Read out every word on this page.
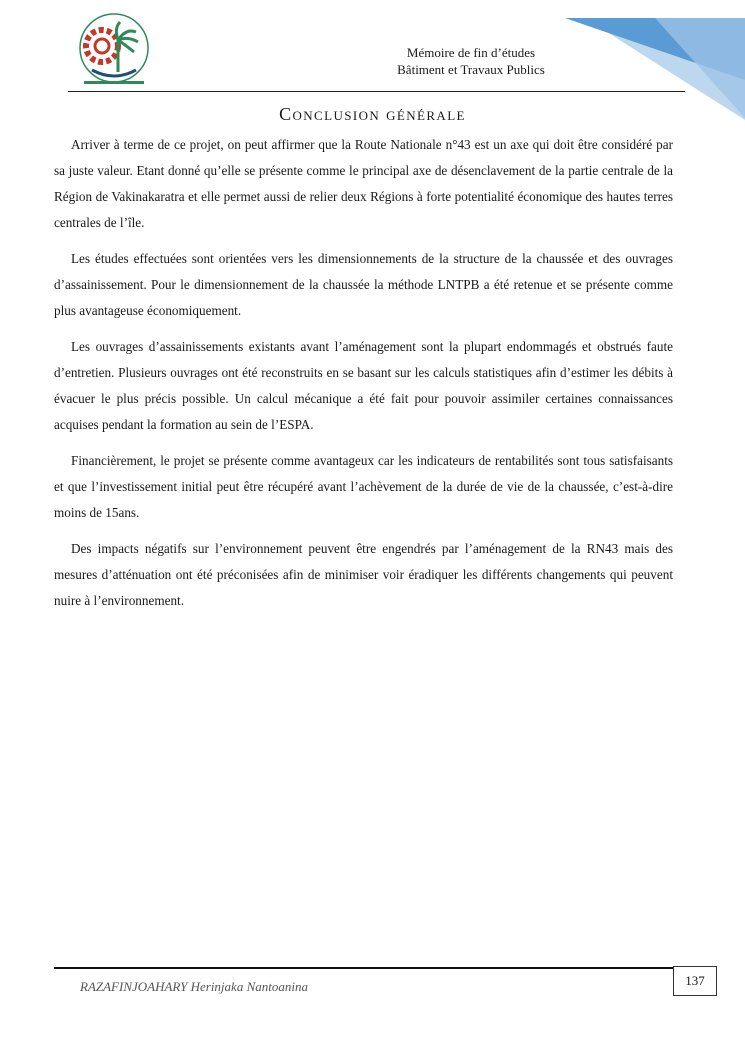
Mémoire de fin d’études
Bâtiment et Travaux Publics
Conclusion générale

Arriver à terme de ce projet, on peut affirmer que la Route Nationale n°43 est un axe qui doit être considéré par sa juste valeur. Etant donné qu’elle se présente comme le principal axe de désenclavement de la partie centrale de la Région de Vakinakaratra et elle permet aussi de relier deux Régions à forte potentialité économique des hautes terres centrales de l’île.

Les études effectuées sont orientées vers les dimensionnements de la structure de la chaussée et des ouvrages d’assainissement. Pour le dimensionnement de la chaussée la méthode LNTPB a été retenue et se présente comme plus avantageuse économiquement.

Les ouvrages d’assainissements existants avant l’aménagement sont la plupart endommagés et obstrués faute d’entretien. Plusieurs ouvrages ont été reconstruits en se basant sur les calculs statistiques afin d’estimer les débits à évacuer le plus précis possible. Un calcul mécanique a été fait pour pouvoir assimiler certaines connaissances acquises pendant la formation au sein de l’ESPA.

Financièrement, le projet se présente comme avantageux car les indicateurs de rentabilités sont tous satisfaisants et que l’investissement initial peut être récupéré avant l’achèvement de la durée de vie de la chaussée, c’est-à-dire moins de 15ans.

Des impacts négatifs sur l’environnement peuvent être engendrés par l’aménagement de la RN43 mais des mesures d’atténuation ont été préconisées afin de minimiser voir éradiquer les différents changements qui peuvent nuire à l’environnement.

137
RAZAFINJOAHARY Herinjaka Nantoanina
